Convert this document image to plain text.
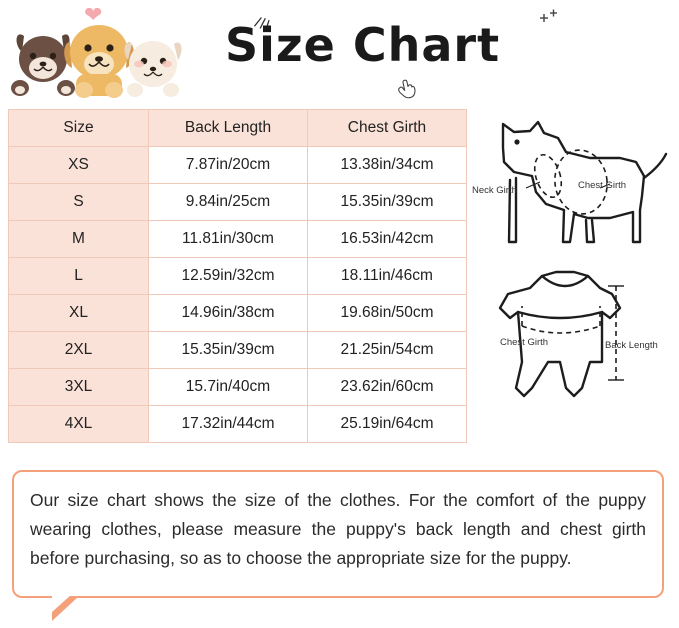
❤
Size Chart
Size	Back Length	Chest Girth
XS	7.87in/20cm	13.38in/34cm
S	9.84in/25cm	15.35in/39cm
M	11.81in/30cm	16.53in/42cm
L	12.59in/32cm	18.11in/46cm
XL	14.96in/38cm	19.68in/50cm
2XL	15.35in/39cm	21.25in/54cm
3XL	15.7in/40cm	23.62in/60cm
4XL	17.32in/44cm	25.19in/64cm
Neck Girth	Chest Girth
Chest Girth	Back Length

Our size chart shows the size of the clothes. For the comfort of the puppy wearing clothes, please measure the puppy's back length and chest girth before purchasing, so as to choose the appropriate size for the puppy.
